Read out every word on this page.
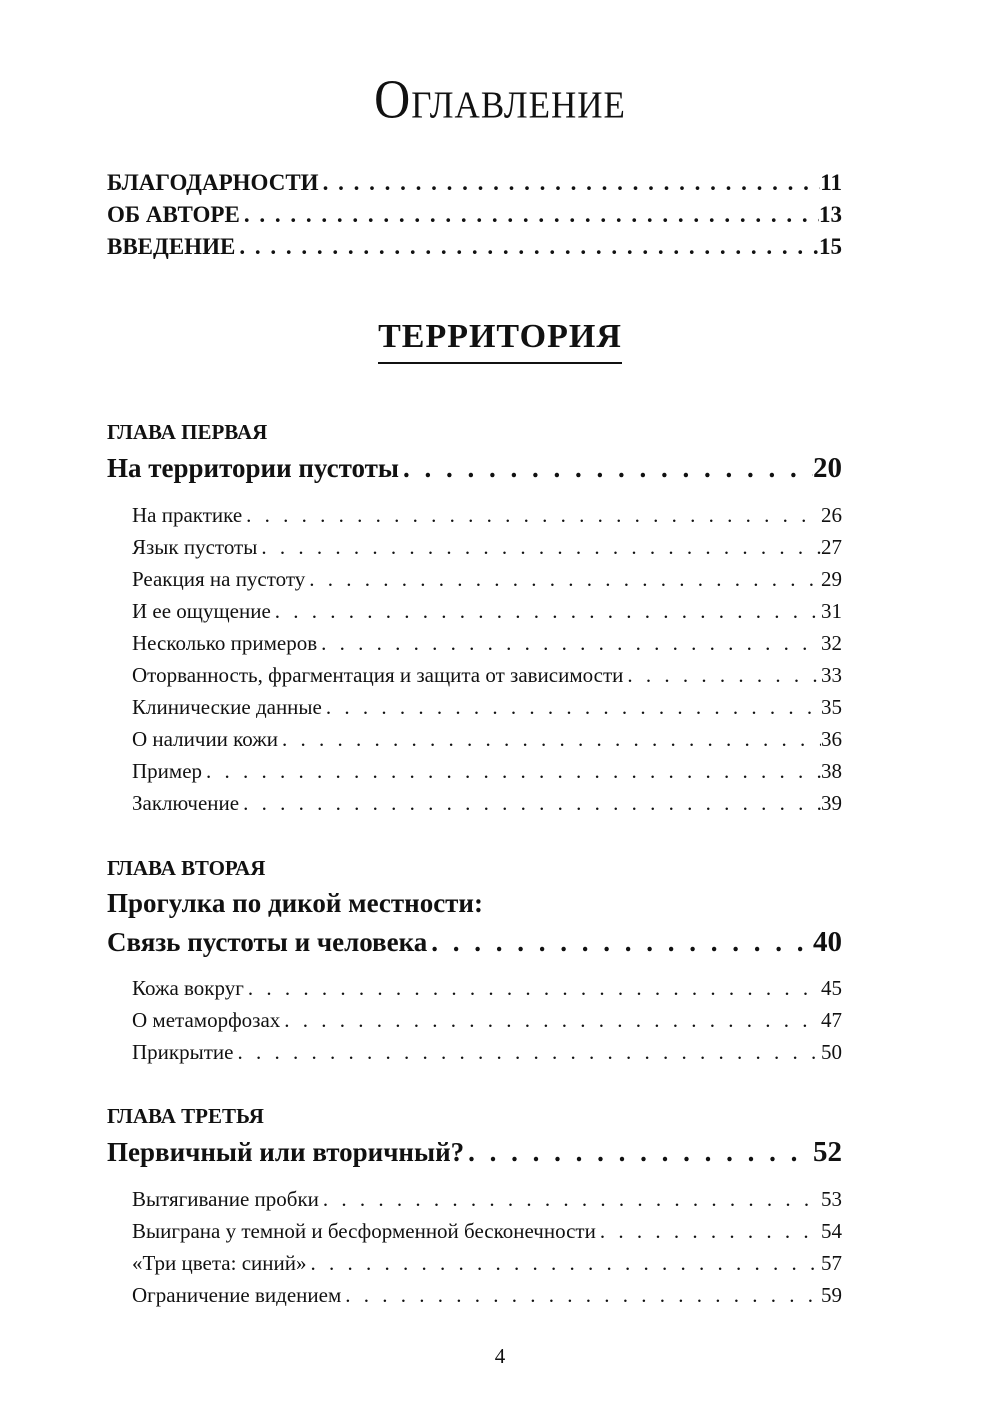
Оглавление
БЛАГОДАРНОСТИ . . .	11
ОБ АВТОРЕ . . .	13
ВВЕДЕНИЕ . . .	15
ТЕРРИТОРИЯ
ГЛАВА ПЕРВАЯ
На территории пустоты . . .	20
На практике . . .	26
Язык пустоты . . .	27
Реакция на пустоту . . .	29
И ее ощущение . . .	31
Несколько примеров . . .	32
Оторванность, фрагментация и защита от зависимости . . .	33
Клинические данные . . .	35
О наличии кожи . . .	36
Пример . . .	38
Заключение . . .	39
ГЛАВА ВТОРАЯ
Прогулка по дикой местности:
Связь пустоты и человека . . .	40
Кожа вокруг . . .	45
О метаморфозах . . .	47
Прикрытие . . .	50
ГЛАВА ТРЕТЬЯ
Первичный или вторичный? . . .	52
Вытягивание пробки . . .	53
Выиграна у темной и бесформенной бесконечности . . .	54
«Три цвета: синий» . . .	57
Ограничение видением . . .	59
4
